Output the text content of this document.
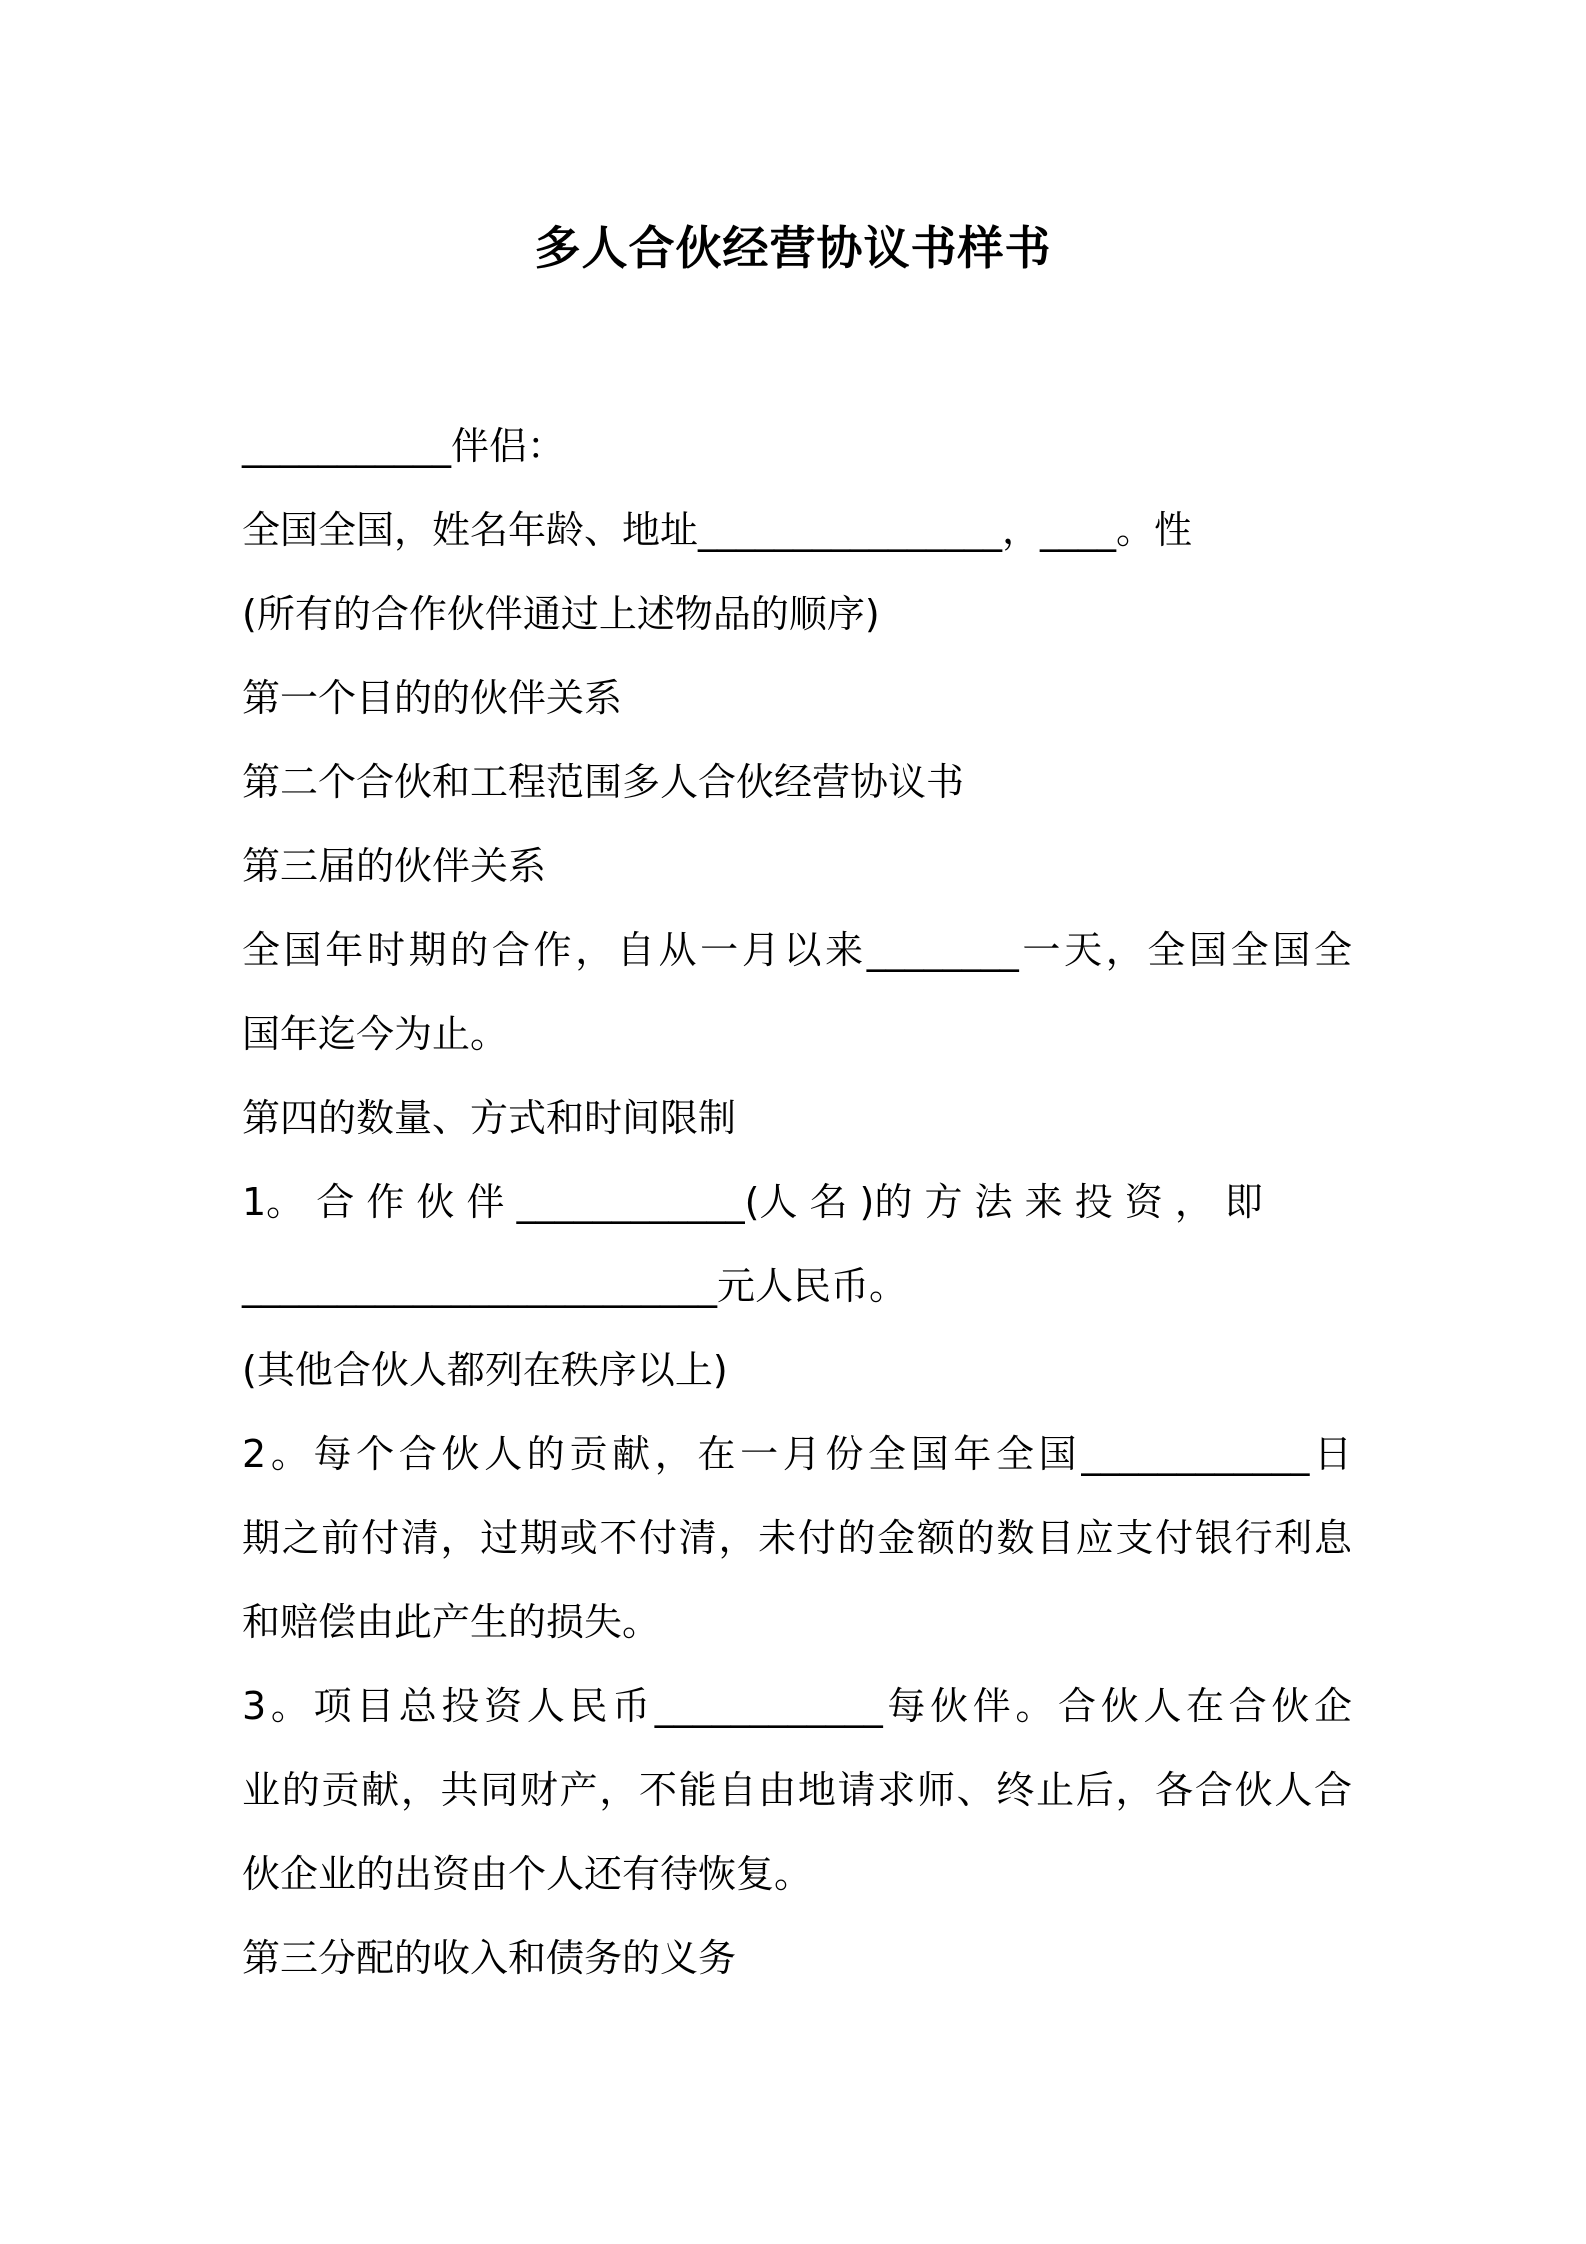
多人合伙经营协议书样书
___________伴侣：
全国全国，姓名年龄、地址________________，____。性
(所有的合作伙伴通过上述物品的顺序)
第一个目的的伙伴关系
第二个合伙和工程范围多人合伙经营协议书
第三届的伙伴关系
全国年时期的合作，自从一月以来________一天，全国全国全
国年迄今为止。
第四的数量、方式和时间限制
1。 合 作 伙 伴 ____________(人 名 )的 方 法 来 投 资 ， 即
_________________________元人民币。
(其他合伙人都列在秩序以上)
2。每个合伙人的贡献，在一月份全国年全国____________日
期之前付清，过期或不付清，未付的金额的数目应支付银行利息
和赔偿由此产生的损失。
3。项目总投资人民币____________每伙伴。合伙人在合伙企
业的贡献，共同财产，不能自由地请求师、终止后，各合伙人合
伙企业的出资由个人还有待恢复。
第三分配的收入和债务的义务
